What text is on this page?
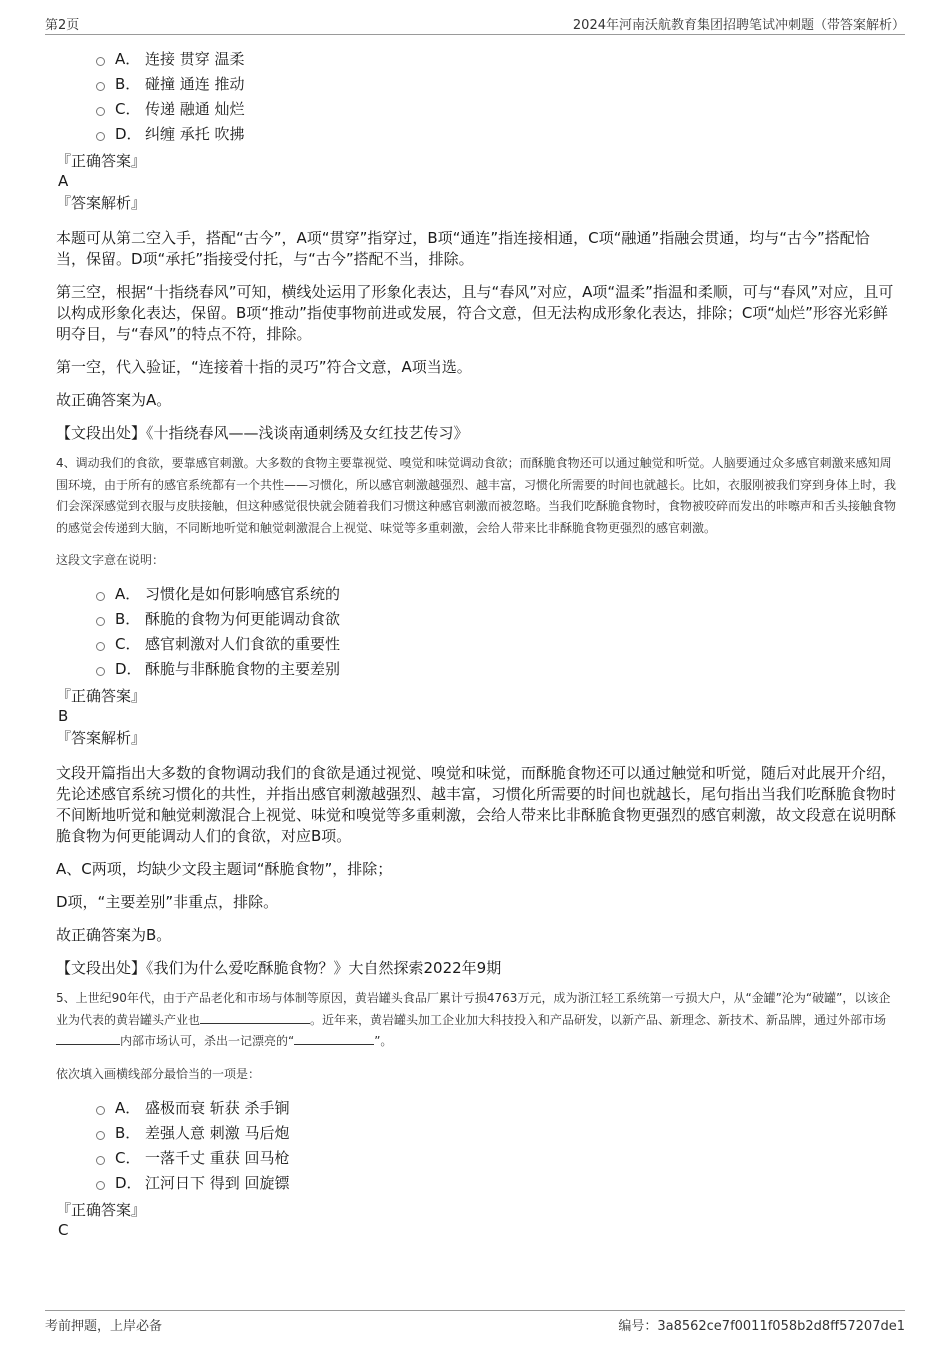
第2页	2024年河南沃航教育集团招聘笔试冲刺题（带答案解析）
A． 连接 贯穿 温柔
B． 碰撞 通连 推动
C． 传递 融通 灿烂
D． 纠缠 承托 吹拂

『正确答案』

A

『答案解析』

本题可从第二空入手，搭配“古今”，A项“贯穿”指穿过，B项“通连”指连接相通，C项“融通”指融会贯通，均与“古今”搭配恰当，保留。D项“承托”指接受付托，与“古今”搭配不当，排除。

第三空，根据“十指绕春风”可知，横线处运用了形象化表达，且与“春风”对应，A项“温柔”指温和柔顺，可与“春风”对应，且可以构成形象化表达，保留。B项“推动”指使事物前进或发展，符合文意，但无法构成形象化表达，排除；C项“灿烂”形容光彩鲜明夺目，与“春风”的特点不符，排除。

第一空，代入验证，“连接着十指的灵巧”符合文意，A项当选。

故正确答案为A。

【文段出处】《十指绕春风——浅谈南通刺绣及女红技艺传习》

4、调动我们的食欲，要靠感官刺激。大多数的食物主要靠视觉、嗅觉和味觉调动食欲；而酥脆食物还可以通过触觉和听觉。人脑要通过众多感官刺激来感知周围环境，由于所有的感官系统都有一个共性——习惯化，所以感官刺激越强烈、越丰富，习惯化所需要的时间也就越长。比如，衣服刚被我们穿到身体上时，我们会深深感觉到衣服与皮肤接触，但这种感觉很快就会随着我们习惯这种感官刺激而被忽略。当我们吃酥脆食物时，食物被咬碎而发出的咔嚓声和舌头接触食物的感觉会传递到大脑，不同断地听觉和触觉刺激混合上视觉、味觉等多重刺激，会给人带来比非酥脆食物更强烈的感官刺激。

这段文字意在说明：

A． 习惯化是如何影响感官系统的
B． 酥脆的食物为何更能调动食欲
C． 感官刺激对人们食欲的重要性
D． 酥脆与非酥脆食物的主要差别

『正确答案』

B

『答案解析』

文段开篇指出大多数的食物调动我们的食欲是通过视觉、嗅觉和味觉，而酥脆食物还可以通过触觉和听觉，随后对此展开介绍，先论述感官系统习惯化的共性，并指出感官刺激越强烈、越丰富，习惯化所需要的时间也就越长，尾句指出当我们吃酥脆食物时不间断地听觉和触觉刺激混合上视觉、味觉和嗅觉等多重刺激，会给人带来比非酥脆食物更强烈的感官刺激，故文段意在说明酥脆食物为何更能调动人们的食欲，对应B项。

A、C两项，均缺少文段主题词“酥脆食物”，排除；

D项，“主要差别”非重点，排除。

故正确答案为B。

【文段出处】《我们为什么爱吃酥脆食物？》大自然探索2022年9期

5、上世纪90年代，由于产品老化和市场与体制等原因，黄岩罐头食品厂累计亏损4763万元，成为浙江轻工系统第一亏损大户，从“金罐”沦为“破罐”，以该企业为代表的黄岩罐头产业也	。近年来，黄岩罐头加工企业加大科技投入和产品研发，以新产品、新理念、新技术、新品牌，通过外部市场内部市场认可，杀出一记漂亮的“	”。

依次填入画横线部分最恰当的一项是：

A． 盛极而衰 斩获 杀手锏
B． 差强人意 刺激 马后炮
C． 一落千丈 重获 回马枪
D． 江河日下 得到 回旋镖

『正确答案』

C

考前押题，上岸必备	编号：3a8562ce7f0011f058b2d8ff57207de1
